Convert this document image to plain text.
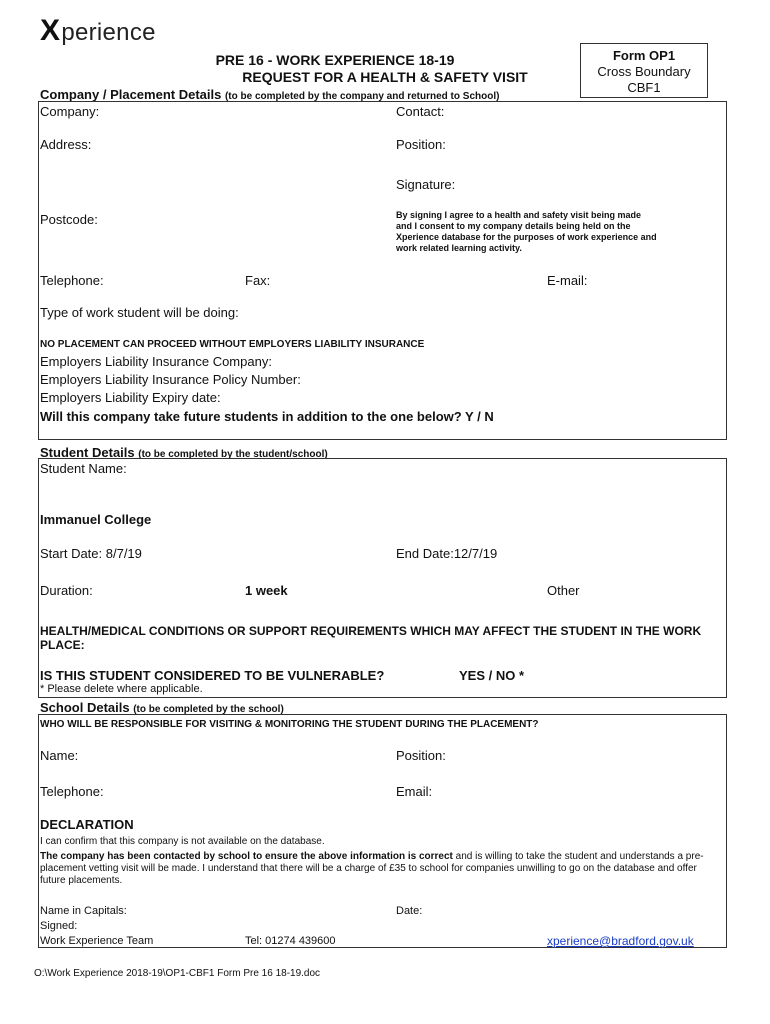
Xperience
PRE 16 - WORK EXPERIENCE 18-19
REQUEST FOR A HEALTH & SAFETY VISIT
Form OP1
Cross Boundary
CBF1
Company / Placement Details (to be completed by the company and returned to School)
Company:	Contact:
Address:	Position:
Signature:
Postcode:	By signing I agree to a health and safety visit being made and I consent to my company details being held on the Xperience database for the purposes of work experience and work related learning activity.
Telephone:	Fax:	E-mail:
Type of work student will be doing:
NO PLACEMENT CAN PROCEED WITHOUT EMPLOYERS LIABILITY INSURANCE
Employers Liability Insurance Company:
Employers Liability Insurance Policy Number:
Employers Liability Expiry date:
Will this company take future students in addition to the one below? Y / N
Student Details (to be completed by the student/school)
Student Name:
Immanuel College
Start Date: 8/7/19	End Date:12/7/19
Duration:	1 week	Other
HEALTH/MEDICAL CONDITIONS OR SUPPORT REQUIREMENTS WHICH MAY AFFECT THE STUDENT IN THE WORK PLACE:
IS THIS STUDENT CONSIDERED TO BE VULNERABLE?	YES / NO *
* Please delete where applicable.
School Details (to be completed by the school)
WHO WILL BE RESPONSIBLE FOR VISITING & MONITORING THE STUDENT DURING THE PLACEMENT?
Name:	Position:
Telephone:	Email:
DECLARATION
I can confirm that this company is not available on the database.
The company has been contacted by school to ensure the above information is correct and is willing to take the student and understands a pre-placement vetting visit will be made. I understand that there will be a charge of £35 to school for companies unwilling to go on the database and offer future placements.
Name in Capitals:	Date:
Signed:
Work Experience Team	Tel: 01274 439600	xperience@bradford.gov.uk
O:\Work Experience 2018-19\OP1-CBF1 Form Pre 16 18-19.doc
